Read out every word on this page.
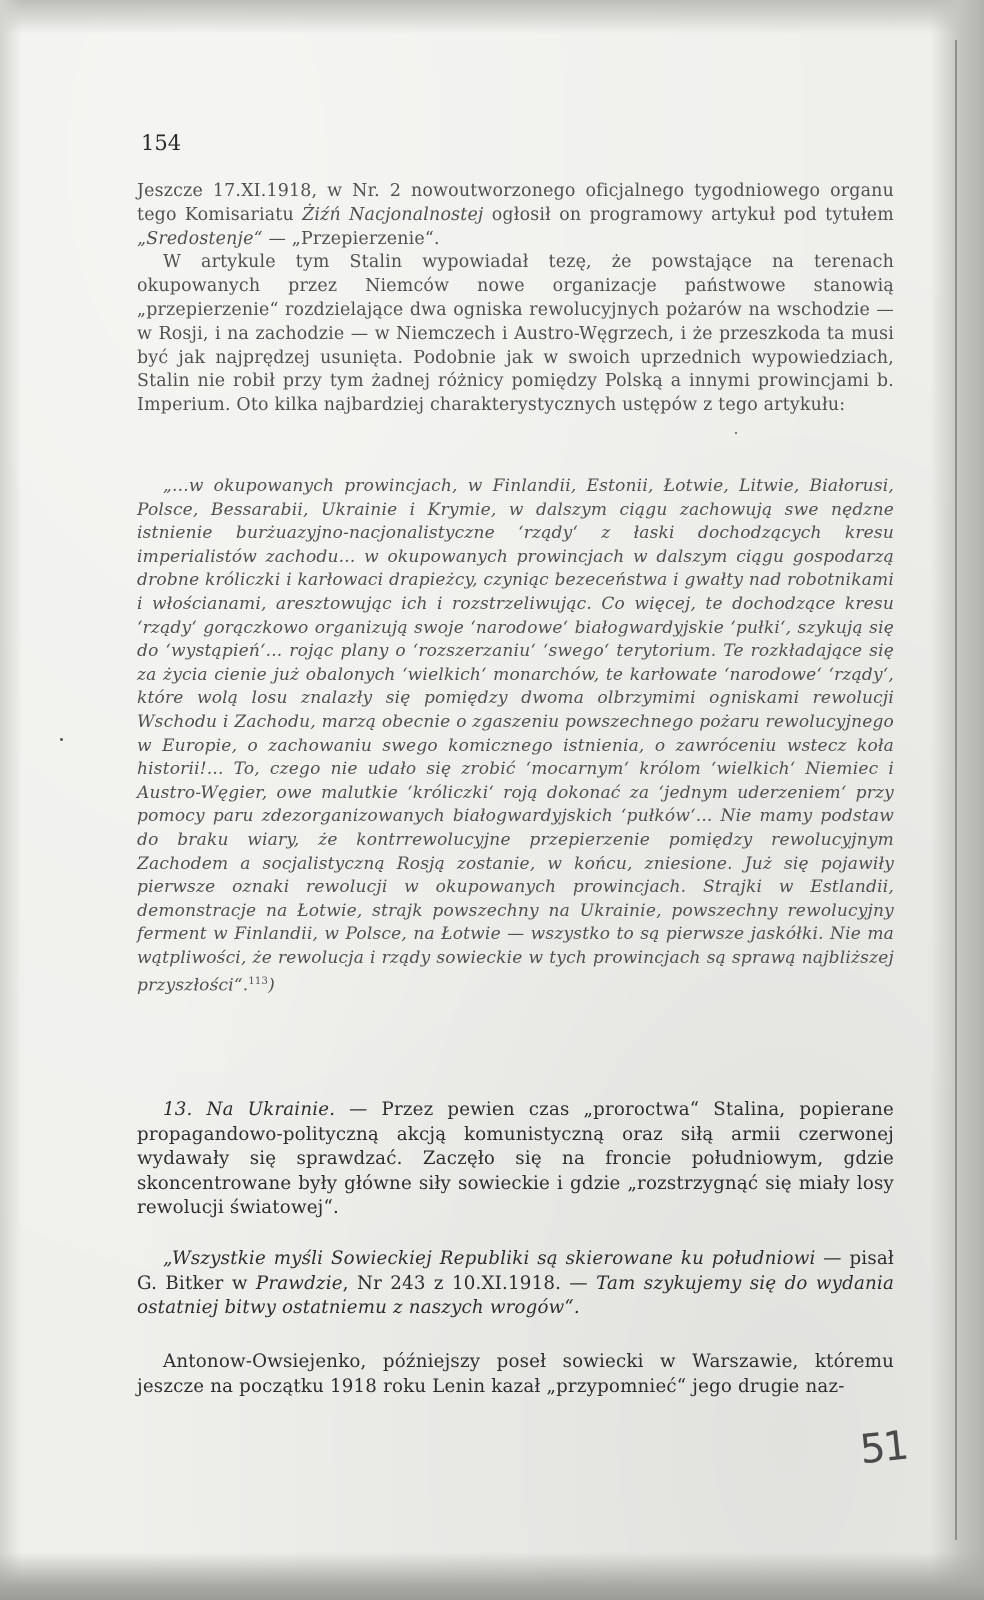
154

Jeszcze 17.XI.1918, w Nr. 2 nowoutworzonego oficjalnego tygodniowego organu tego Komisariatu Żiźń Nacjonalnostej ogłosił on programowy artykuł pod tytułem „Sredostenje“ — „Przepierzenie“.

W artykule tym Stalin wypowiadał tezę, że powstające na terenach okupowanych przez Niemców nowe organizacje państwowe stanowią „przepierzenie“ rozdzielające dwa ogniska rewolucyjnych pożarów na wschodzie — w Rosji, i na zachodzie — w Niemczech i Austro-Węgrzech, i że przeszkoda ta musi być jak najprędzej usunięta. Podobnie jak w swoich uprzednich wypowiedziach, Stalin nie robił przy tym żadnej różnicy pomiędzy Polską a innymi prowincjami b. Imperium. Oto kilka najbardziej charakterystycznych ustępów z tego artykułu:

„...w okupowanych prowincjach, w Finlandii, Estonii, Łotwie, Litwie, Białorusi, Polsce, Bessarabii, Ukrainie i Krymie, w dalszym ciągu zachowują swe nędzne istnienie burżuazyjno-nacjonalistyczne ‘rządy‘ z łaski dochodzących kresu imperialistów zachodu... w okupowanych prowincjach w dalszym ciągu gospodarzą drobne króliczki i karłowaci drapieżcy, czyniąc bezeceństwa i gwałty nad robotnikami i włościanami, aresztowując ich i rozstrzeliwując. Co więcej, te dochodzące kresu ‘rządy‘ gorączkowo organizują swoje ‘narodowe‘ białogwardyjskie ‘pułki‘, szykują się do ‘wystąpień‘... rojąc plany o ‘rozszerzaniu‘ ‘swego‘ terytorium. Te rozkładające się za życia cienie już obalonych ‘wielkich‘ monarchów, te karłowate ‘narodowe‘ ‘rządy‘, które wolą losu znalazły się pomiędzy dwoma olbrzymimi ogniskami rewolucji Wschodu i Zachodu, marzą obecnie o zgaszeniu powszechnego pożaru rewolucyjnego w Europie, o zachowaniu swego komicznego istnienia, o zawróceniu wstecz koła historii!... To, czego nie udało się zrobić ‘mocarnym‘ królom ‘wielkich‘ Niemiec i Austro-Węgier, owe malutkie ‘króliczki‘ roją dokonać za ‘jednym uderzeniem‘ przy pomocy paru zdezorganizowanych białogwardyjskich ‘pułków‘... Nie mamy podstaw do braku wiary, że kontrrewolucyjne przepierzenie pomiędzy rewolucyjnym Zachodem a socjalistyczną Rosją zostanie, w końcu, zniesione. Już się pojawiły pierwsze oznaki rewolucji w okupowanych prowincjach. Strajki w Estlandii, demonstracje na Łotwie, strajk powszechny na Ukrainie, powszechny rewolucyjny ferment w Finlandii, w Polsce, na Łotwie — wszystko to są pierwsze jaskółki. Nie ma wątpliwości, że rewolucja i rządy sowieckie w tych prowincjach są sprawą najbliższej przyszłości“.$^{113}$)
13. Na Ukrainie. — Przez pewien czas „proroctwa“ Stalina, popierane propagandowo-polityczną akcją komunistyczną oraz siłą armii czerwonej wydawały się sprawdzać. Zaczęło się na froncie południowym, gdzie skoncentrowane były główne siły sowieckie i gdzie „rozstrzygnąć się miały losy rewolucji światowej“.
„Wszystkie myśli Sowieckiej Republiki są skierowane ku południowi — pisał G. Bitker w Prawdzie, Nr 243 z 10.XI.1918. — Tam szykujemy się do wydania ostatniej bitwy ostatniemu z naszych wrogów“.
Antonow-Owsiejenko, późniejszy poseł sowiecki w Warszawie, któremu jeszcze na początku 1918 roku Lenin kazał „przypomnieć“ jego drugie naz-
51
